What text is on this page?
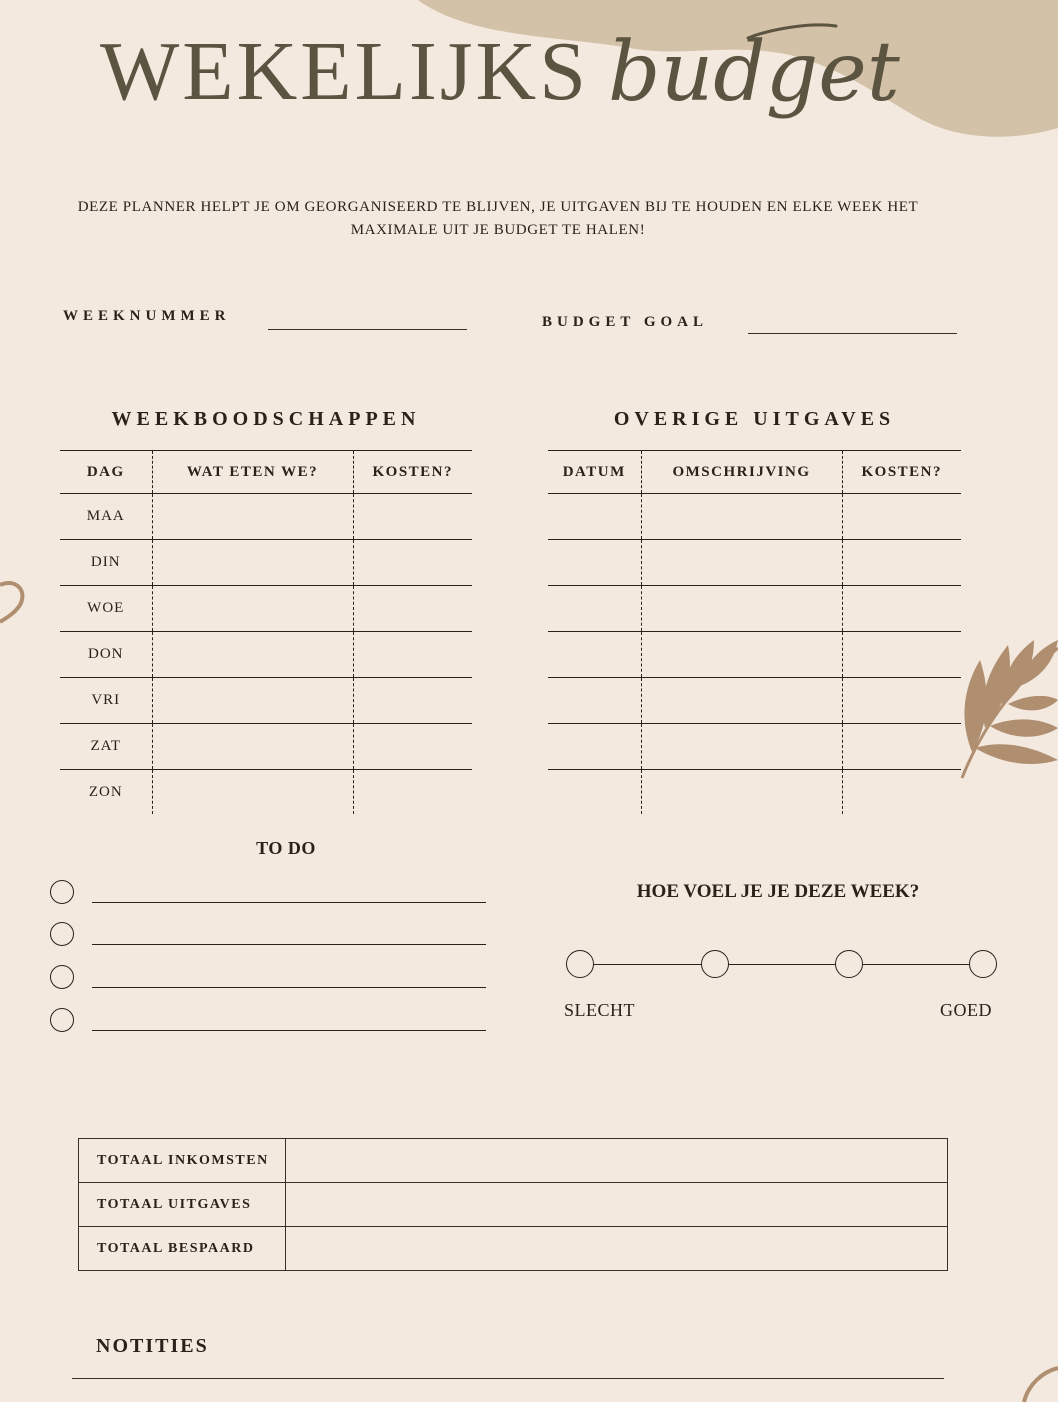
WEKELIJKS budget
DEZE PLANNER HELPT JE OM GEORGANISEERD TE BLIJVEN, JE UITGAVEN BIJ TE HOUDEN EN ELKE WEEK HET MAXIMALE UIT JE BUDGET TE HALEN!
WEEKNUMMER	BUDGET GOAL
WEEKBOODSCHAPPEN
DAG	WAT ETEN WE?	KOSTEN?
MAA		
DIN		
WOE		
DON		
VRI		
ZAT		
ZON		
OVERIGE UITGAVES
DATUM	OMSCHRIJVING	KOSTEN?

TO DO
HOE VOEL JE JE DEZE WEEK?
SLECHT	GOED
TOTAAL INKOMSTEN	
TOTAAL UITGAVES	
TOTAAL BESPAARD	
NOTITIES
